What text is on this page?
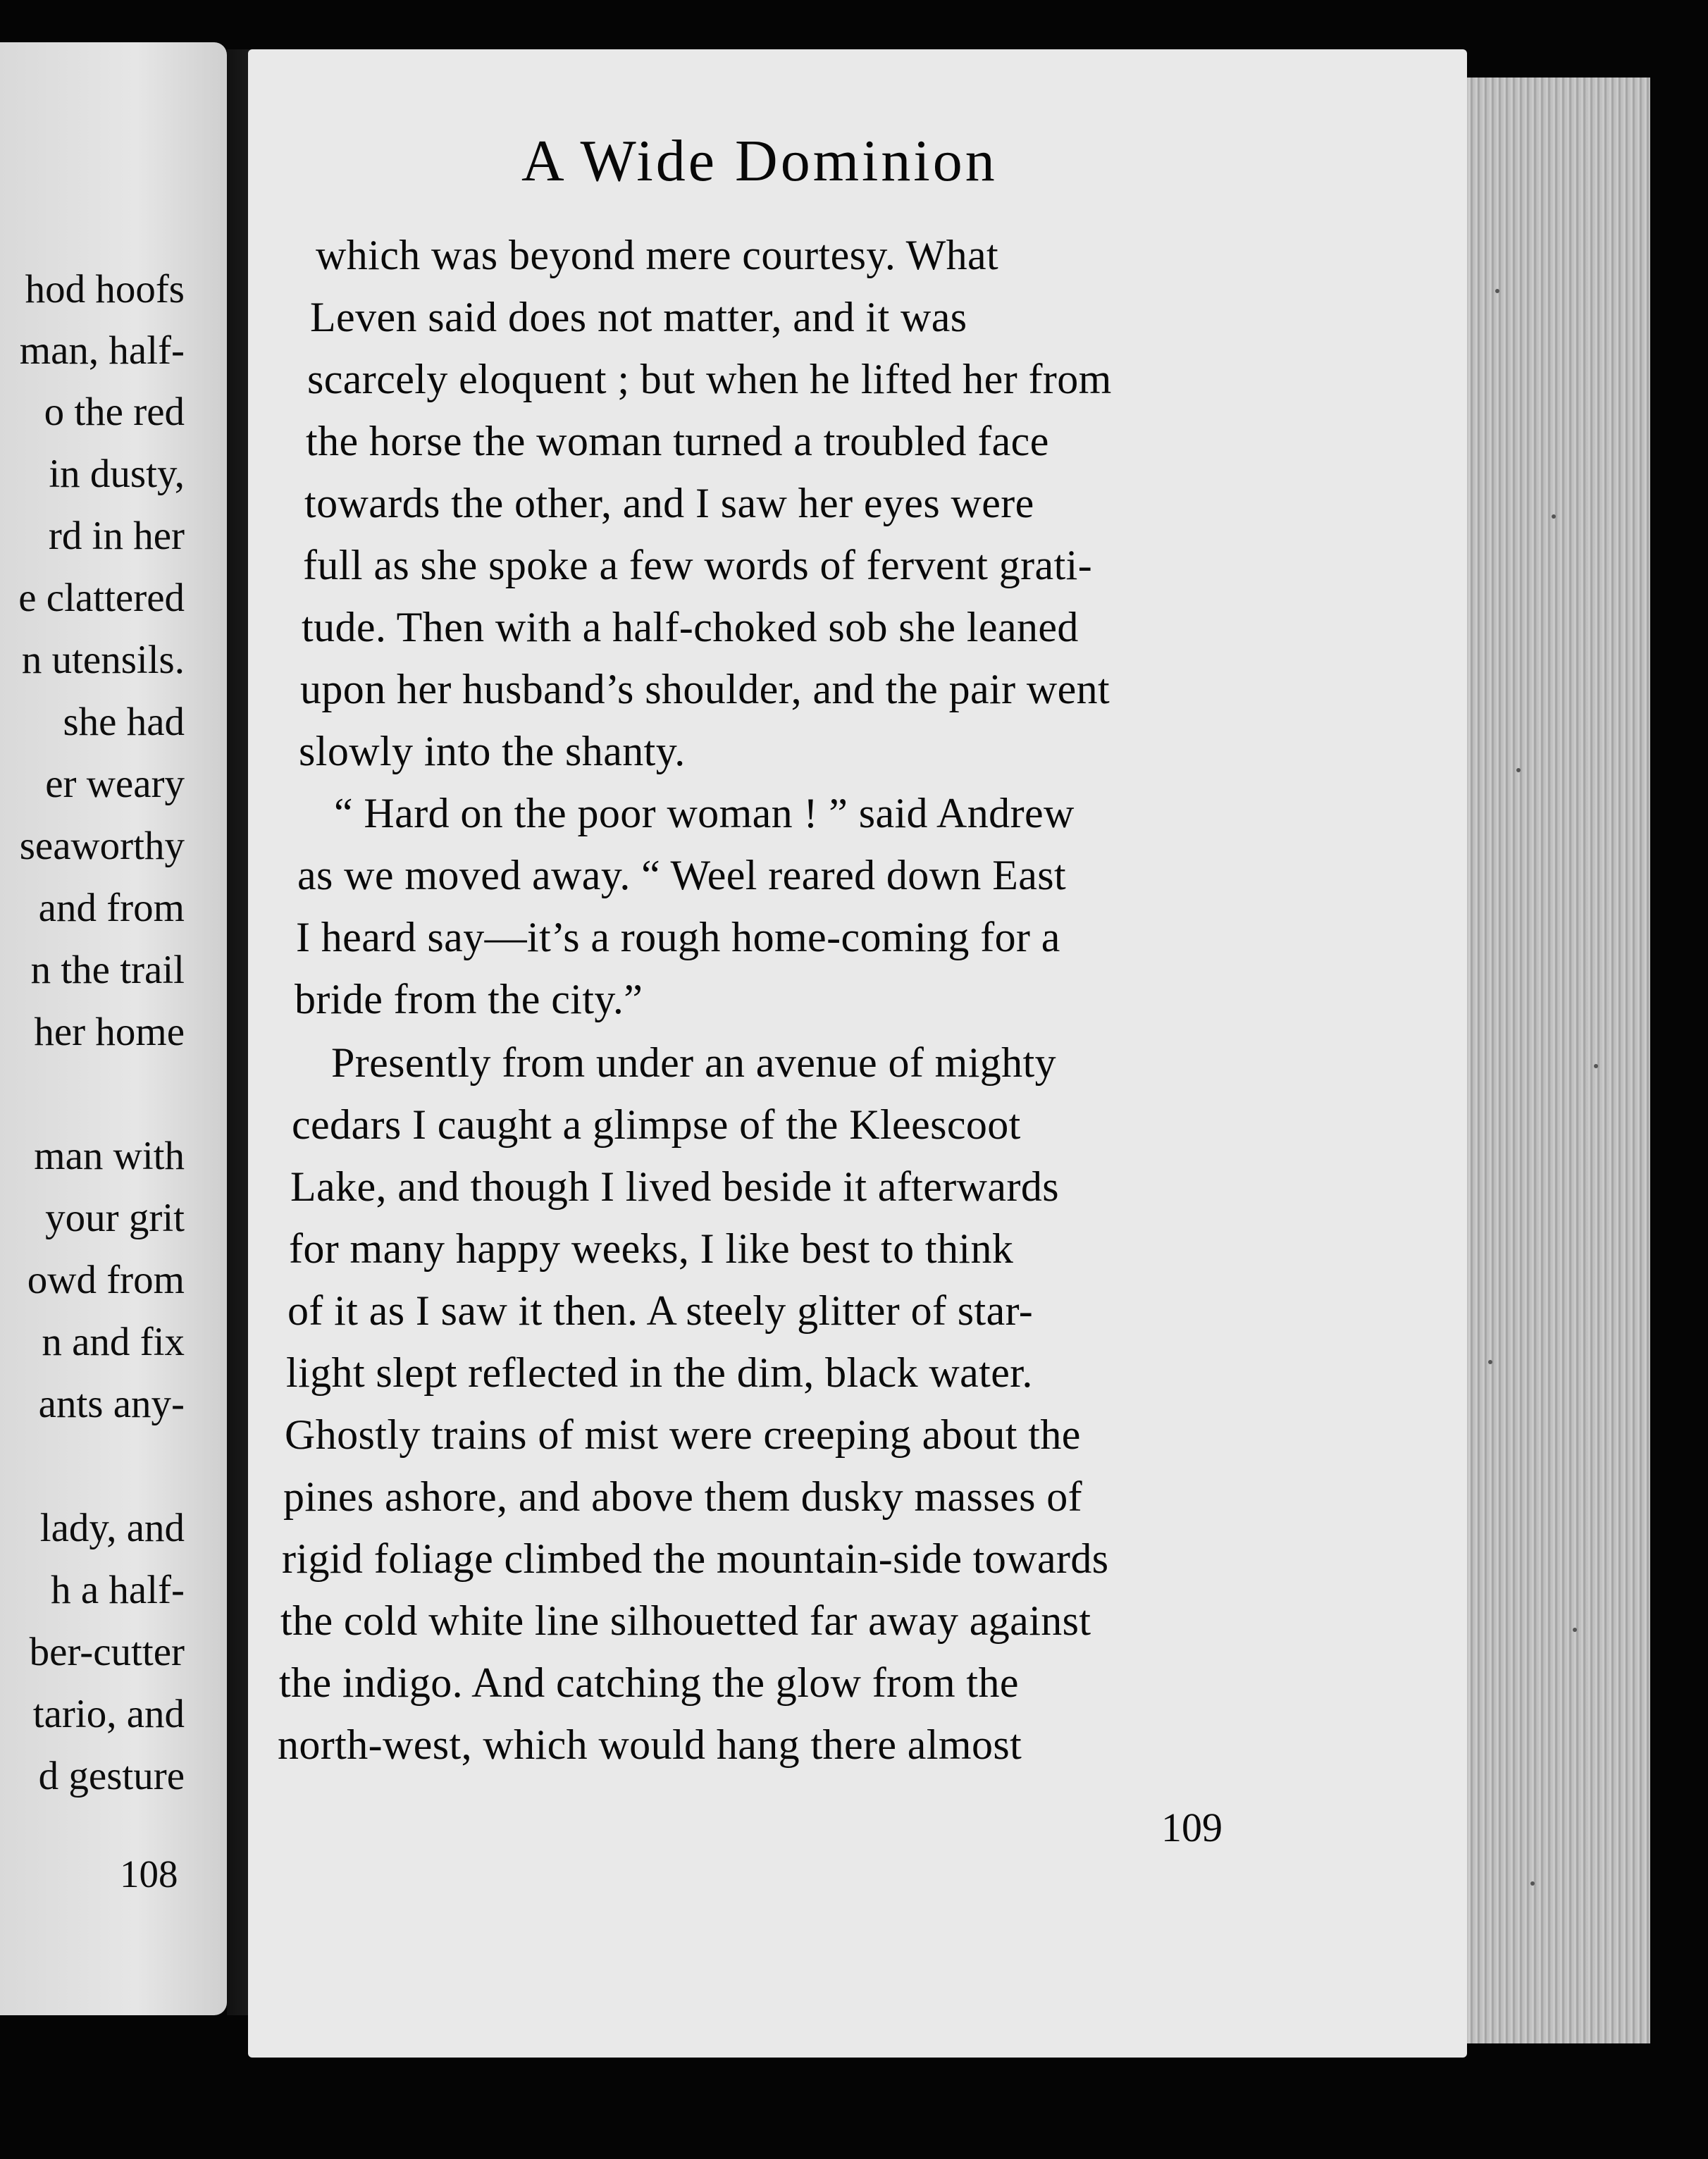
hod hoofs
man, half-
o the red
in dusty,
rd in her
e clattered
n utensils.
she had
er weary
seaworthy
and from
n the trail
her home
man with
your grit
owd from
n and fix
ants any-
lady, and
h a half-
ber-cutter
tario, and
d gesture
108
A Wide Dominion
which was beyond mere courtesy. What
Leven said does not matter, and it was
scarcely eloquent ; but when he lifted her from
the horse the woman turned a troubled face
towards the other, and I saw her eyes were
full as she spoke a few words of fervent grati-
tude. Then with a half-choked sob she leaned
upon her husband’s shoulder, and the pair went
slowly into the shanty.
“ Hard on the poor woman ! ” said Andrew
as we moved away. “ Weel reared down East
I heard say—it’s a rough home-coming for a
bride from the city.”
Presently from under an avenue of mighty
cedars I caught a glimpse of the Kleescoot
Lake, and though I lived beside it afterwards
for many happy weeks, I like best to think
of it as I saw it then. A steely glitter of star-
light slept reflected in the dim, black water.
Ghostly trains of mist were creeping about the
pines ashore, and above them dusky masses of
rigid foliage climbed the mountain-side towards
the cold white line silhouetted far away against
the indigo. And catching the glow from the
north-west, which would hang there almost
109
